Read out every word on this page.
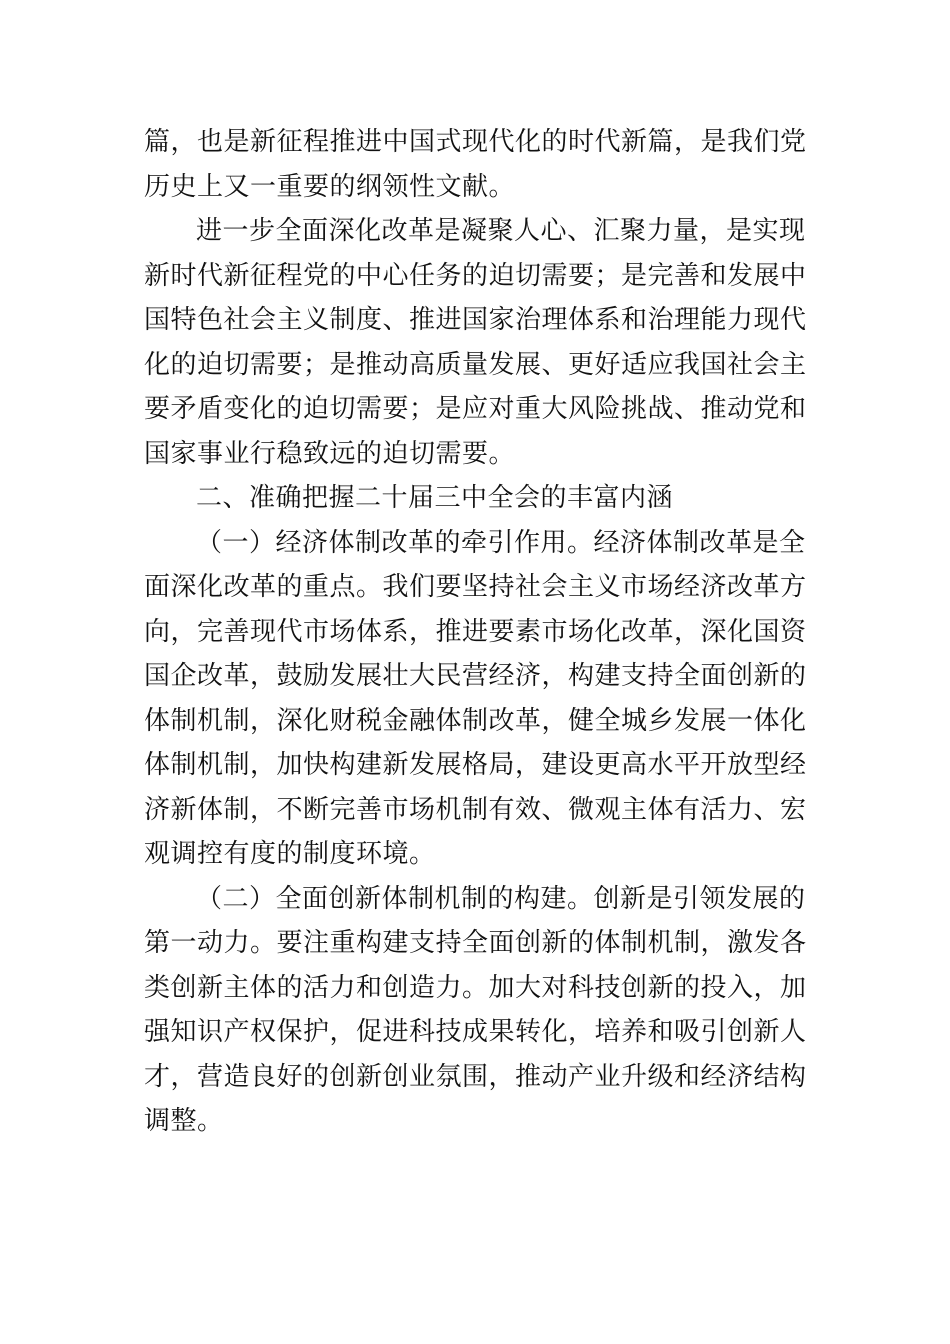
篇，也是新征程推进中国式现代化的时代新篇，是我们党
历史上又一重要的纲领性文献。
进一步全面深化改革是凝聚人心、汇聚力量，是实现
新时代新征程党的中心任务的迫切需要；是完善和发展中
国特色社会主义制度、推进国家治理体系和治理能力现代
化的迫切需要；是推动高质量发展、更好适应我国社会主
要矛盾变化的迫切需要；是应对重大风险挑战、推动党和
国家事业行稳致远的迫切需要。
二、准确把握二十届三中全会的丰富内涵
（一）经济体制改革的牵引作用。经济体制改革是全
面深化改革的重点。我们要坚持社会主义市场经济改革方
向，完善现代市场体系，推进要素市场化改革，深化国资
国企改革，鼓励发展壮大民营经济，构建支持全面创新的
体制机制，深化财税金融体制改革，健全城乡发展一体化
体制机制，加快构建新发展格局，建设更高水平开放型经
济新体制，不断完善市场机制有效、微观主体有活力、宏
观调控有度的制度环境。
（二）全面创新体制机制的构建。创新是引领发展的
第一动力。要注重构建支持全面创新的体制机制，激发各
类创新主体的活力和创造力。加大对科技创新的投入，加
强知识产权保护，促进科技成果转化，培养和吸引创新人
才，营造良好的创新创业氛围，推动产业升级和经济结构
调整。
